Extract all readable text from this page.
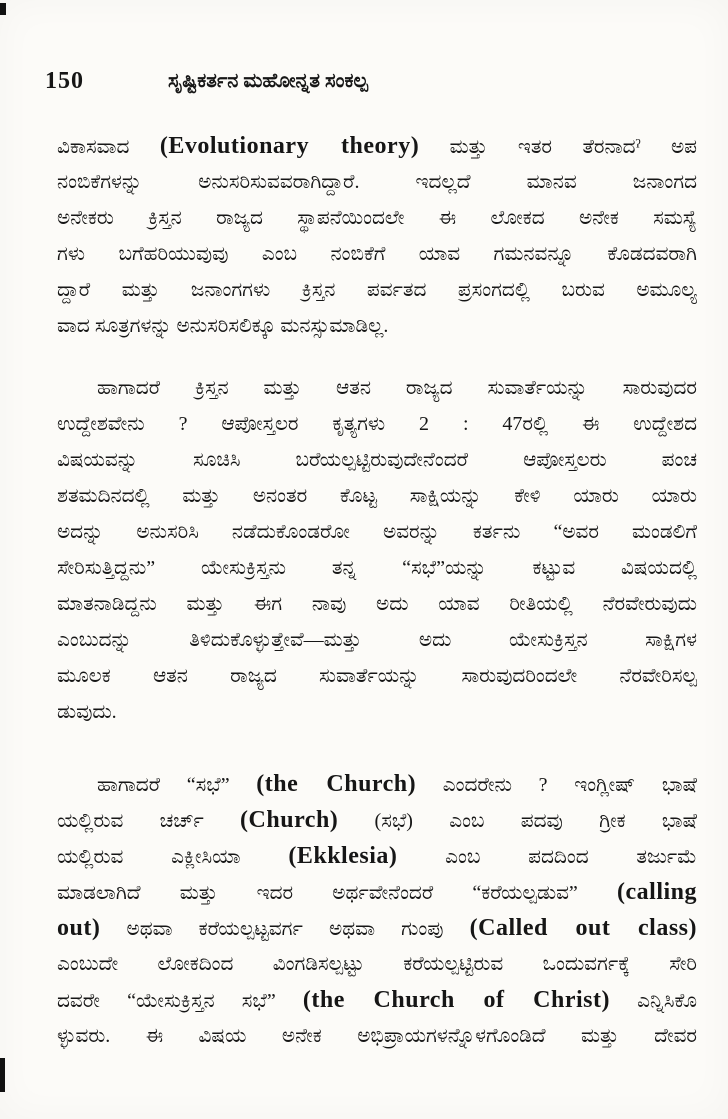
150	ಸೃಷ್ಟಿಕರ್ತನ ಮಹೋನ್ನತ ಸಂಕಲ್ಪ
ವಿಕಾಸವಾದ (Evolutionary theory) ಮತ್ತು ಇತರ ತೆರನಾದˀ ಅಪ
ನಂಬಿಕೆಗಳನ್ನು ಅನುಸರಿಸುವವರಾಗಿದ್ದಾರೆ. ಇದಲ್ಲದೆ ಮಾನವ ಜನಾಂಗದ
ಅನೇಕರು ಕ್ರಿಸ್ತನ ರಾಜ್ಯದ ಸ್ಥಾಪನೆಯಿಂದಲೇ ಈ ಲೋಕದ ಅನೇಕ ಸಮಸ್ಯೆ
ಗಳು ಬಗೆಹರಿಯುವುವು ಎಂಬ ನಂಬಿಕೆಗೆ ಯಾವ ಗಮನವನ್ನೂ ಕೊಡದವರಾಗಿ
ದ್ದಾರೆ ಮತ್ತು ಜನಾಂಗಗಳು ಕ್ರಿಸ್ತನ ಪರ್ವತದ ಪ್ರಸಂಗದಲ್ಲಿ ಬರುವ ಅಮೂಲ್ಯ
ವಾದ ಸೂತ್ರಗಳನ್ನು ಅನುಸರಿಸಲಿಕ್ಕೂ ಮನಸ್ಸುಮಾಡಿಲ್ಲ.
ಹಾಗಾದರೆ ಕ್ರಿಸ್ತನ ಮತ್ತು ಆತನ ರಾಜ್ಯದ ಸುವಾರ್ತೆಯನ್ನು ಸಾರುವುದರ
ಉದ್ದೇಶವೇನು ? ಆಪೋಸ್ತಲರ ಕೃತ್ಯಗಳು 2 : 47ರಲ್ಲಿ ಈ ಉದ್ದೇಶದ
ವಿಷಯವನ್ನು ಸೂಚಿಸಿ ಬರೆಯಲ್ಪಟ್ಟಿರುವುದೇನೆಂದರೆ ಆಪೋಸ್ತಲರು ಪಂಚ
ಶತಮದಿನದಲ್ಲಿ ಮತ್ತು ಅನಂತರ ಕೊಟ್ಟ ಸಾಕ್ಷಿಯನ್ನು ಕೇಳಿ ಯಾರು ಯಾರು
ಅದನ್ನು ಅನುಸರಿಸಿ ನಡೆದುಕೊಂಡರೋ ಅವರನ್ನು ಕರ್ತನು “ಅವರ ಮಂಡಲಿಗೆ
ಸೇರಿಸುತ್ತಿದ್ದನು” ಯೇಸುಕ್ರಿಸ್ತನು ತನ್ನ “ಸಭೆ”ಯನ್ನು ಕಟ್ಟುವ ವಿಷಯದಲ್ಲಿ
ಮಾತನಾಡಿದ್ದನು ಮತ್ತು ಈಗ ನಾವು ಅದು ಯಾವ ರೀತಿಯಲ್ಲಿ ನೆರವೇರುವುದು
ಎಂಬುದನ್ನು ತಿಳಿದುಕೊಳ್ಳುತ್ತೇವೆ—ಮತ್ತು ಅದು ಯೇಸುಕ್ರಿಸ್ತನ ಸಾಕ್ಷಿಗಳ
ಮೂಲಕ ಆತನ ರಾಜ್ಯದ ಸುವಾರ್ತೆಯನ್ನು ಸಾರುವುದರಿಂದಲೇ ನೆರವೇರಿಸಲ್ಪ
ಡುವುದು.
ಹಾಗಾದರೆ “ಸಭೆ” (the Church) ಎಂದರೇನು ? ಇಂಗ್ಲೀಷ್ ಭಾಷೆ
ಯಲ್ಲಿರುವ ಚರ್ಚ್ (Church) (ಸಭೆ) ಎಂಬ ಪದವು ಗ್ರೀಕ ಭಾಷೆ
ಯಲ್ಲಿರುವ ಎಕ್ಲೀಸಿಯಾ (Ekklesia) ಎಂಬ ಪದದಿಂದ ತರ್ಜುಮೆ
ಮಾಡಲಾಗಿದೆ ಮತ್ತು ಇದರ ಅರ್ಥವೇನೆಂದರೆ “ಕರೆಯಲ್ಪಡುವ” (calling
out) ಅಥವಾ ಕರೆಯಲ್ಪಟ್ಟವರ್ಗ ಅಥವಾ ಗುಂಪು (Called out class)
ಎಂಬುದೇ ಲೋಕದಿಂದ ವಿಂಗಡಿಸಲ್ಪಟ್ಟು ಕರೆಯಲ್ಪಟ್ಟಿರುವ ಒಂದುವರ್ಗಕ್ಕೆ ಸೇರಿ
ದವರೇ “ಯೇಸುಕ್ರಿಸ್ತನ ಸಭೆ” (the Church of Christ) ಎನ್ನಿಸಿಕೊ
ಳ್ಳುವರು. ಈ ವಿಷಯ ಅನೇಕ ಅಭಿಪ್ರಾಯಗಳನ್ನೊಳಗೊಂಡಿದೆ ಮತ್ತು ದೇವರ
